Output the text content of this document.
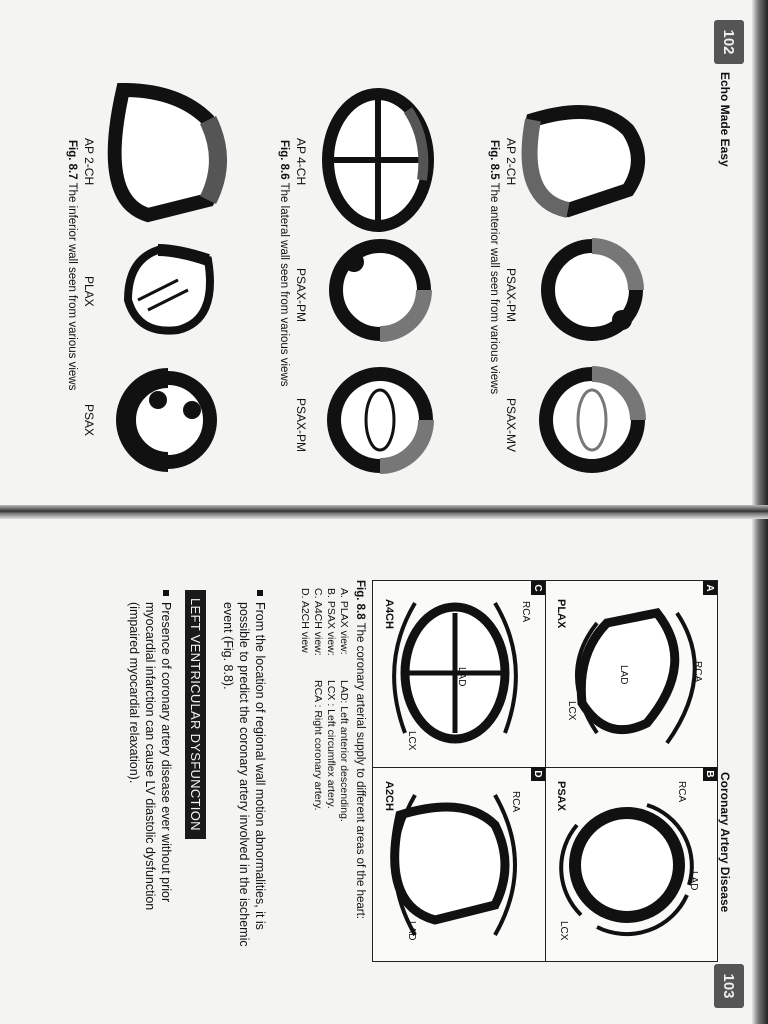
102
Echo Made Easy
AP 2-CH
PSAX-PM
PSAX-MV
Fig. 8.5 The anterior wall seen from various views
AP 4-CH
PSAX-PM
PSAX-PM
Fig. 8.6 The lateral wall seen from various views
AP 2-CH
PLAX
PSAX
Fig. 8.7 The inferior wall seen from various views
Coronary Artery Disease
103
A
B
C
D
RCA
LAD
LCX
PLAX
RCA
LAD
LCX
PSAX
RCA
LAD
LCX
A4CH
RCA
LAD
A2CH
Fig. 8.8 The coronary arterial supply to different areas of the heart:
A. PLAX view:
LAD: Left anterior descending.
B. PSAX view:
LCX : Left circumflex artery.
C. A4CH view:
RCA : Right coronary artery.
D. A2CH view
From the location of regional wall motion abnormalities, it is possible to predict the coronary artery involved in the ischemic event (Fig. 8.8).
LEFT VENTRICULAR DYSFUNCTION
Presence of coronary artery disease ever without prior myocardial infarction can cause LV diastolic dysfunction (impaired myocardial relaxation).
